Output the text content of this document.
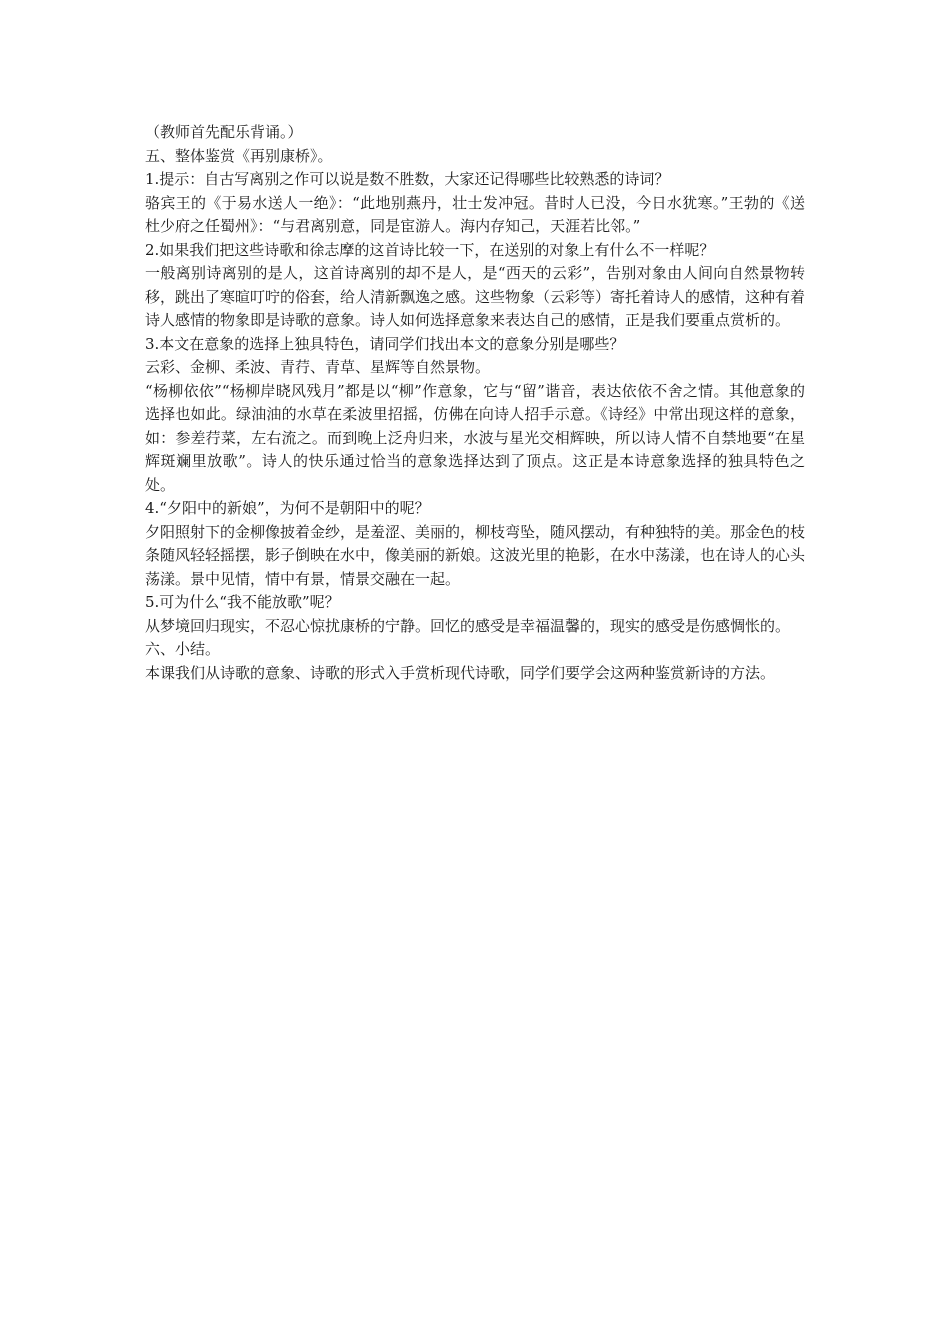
（教师首先配乐背诵。）

五、整体鉴赏《再别康桥》。

1.提示：自古写离别之作可以说是数不胜数，大家还记得哪些比较熟悉的诗词？

骆宾王的《于易水送人一绝》：“此地别燕丹，壮士发冲冠。昔时人已没，今日水犹寒。”王勃的《送杜少府之任蜀州》：“与君离别意，同是宦游人。海内存知己，天涯若比邻。”

2.如果我们把这些诗歌和徐志摩的这首诗比较一下，在送别的对象上有什么不一样呢？

一般离别诗离别的是人，这首诗离别的却不是人，是“西天的云彩”，告别对象由人间向自然景物转移，跳出了寒暄叮咛的俗套，给人清新飘逸之感。这些物象（云彩等）寄托着诗人的感情，这种有着诗人感情的物象即是诗歌的意象。诗人如何选择意象来表达自己的感情，正是我们要重点赏析的。

3.本文在意象的选择上独具特色，请同学们找出本文的意象分别是哪些？

云彩、金柳、柔波、青荇、青草、星辉等自然景物。

“杨柳依依”“杨柳岸晓风残月”都是以“柳”作意象，它与“留”谐音，表达依依不舍之情。其他意象的选择也如此。绿油油的水草在柔波里招摇，仿佛在向诗人招手示意。《诗经》中常出现这样的意象，如：参差荇菜，左右流之。而到晚上泛舟归来，水波与星光交相辉映，所以诗人情不自禁地要“在星辉斑斓里放歌”。诗人的快乐通过恰当的意象选择达到了顶点。这正是本诗意象选择的独具特色之处。

4.“夕阳中的新娘”，为何不是朝阳中的呢？

夕阳照射下的金柳像披着金纱，是羞涩、美丽的，柳枝弯坠，随风摆动，有种独特的美。那金色的枝条随风轻轻摇摆，影子倒映在水中，像美丽的新娘。这波光里的艳影，在水中荡漾，也在诗人的心头荡漾。景中见情，情中有景，情景交融在一起。

5.可为什么“我不能放歌”呢？

从梦境回归现实，不忍心惊扰康桥的宁静。回忆的感受是幸福温馨的，现实的感受是伤感惆怅的。

六、小结。

本课我们从诗歌的意象、诗歌的形式入手赏析现代诗歌，同学们要学会这两种鉴赏新诗的方法。
